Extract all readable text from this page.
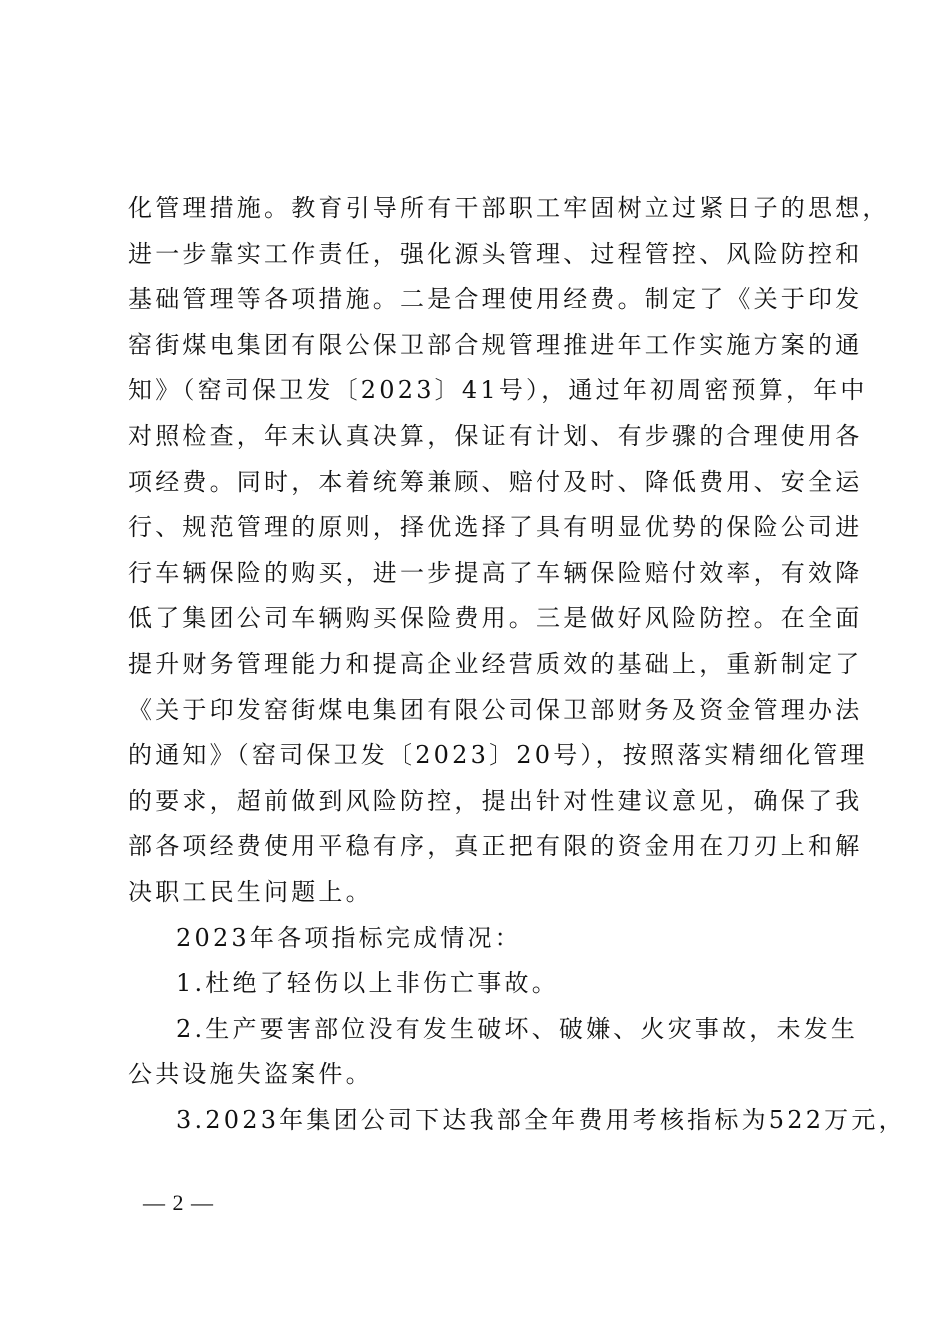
化管理措施。教育引导所有干部职工牢固树立过紧日子的思想，
进一步靠实工作责任，强化源头管理、过程管控、风险防控和
基础管理等各项措施。二是合理使用经费。制定了《关于印发
窑街煤电集团有限公保卫部合规管理推进年工作实施方案的通
知》（窑司保卫发〔2023〕41号），通过年初周密预算，年中
对照检查，年末认真决算，保证有计划、有步骤的合理使用各
项经费。同时，本着统筹兼顾、赔付及时、降低费用、安全运
行、规范管理的原则，择优选择了具有明显优势的保险公司进
行车辆保险的购买，进一步提高了车辆保险赔付效率，有效降
低了集团公司车辆购买保险费用。三是做好风险防控。在全面
提升财务管理能力和提高企业经营质效的基础上，重新制定了
《关于印发窑街煤电集团有限公司保卫部财务及资金管理办法
的通知》（窑司保卫发〔2023〕20号），按照落实精细化管理
的要求，超前做到风险防控，提出针对性建议意见，确保了我
部各项经费使用平稳有序，真正把有限的资金用在刀刃上和解
决职工民生问题上。

2023年各项指标完成情况：

1.杜绝了轻伤以上非伤亡事故。

2.生产要害部位没有发生破坏、破嫌、火灾事故，未发生
公共设施失盗案件。

3.2023年集团公司下达我部全年费用考核指标为522万元，

— 2 —
